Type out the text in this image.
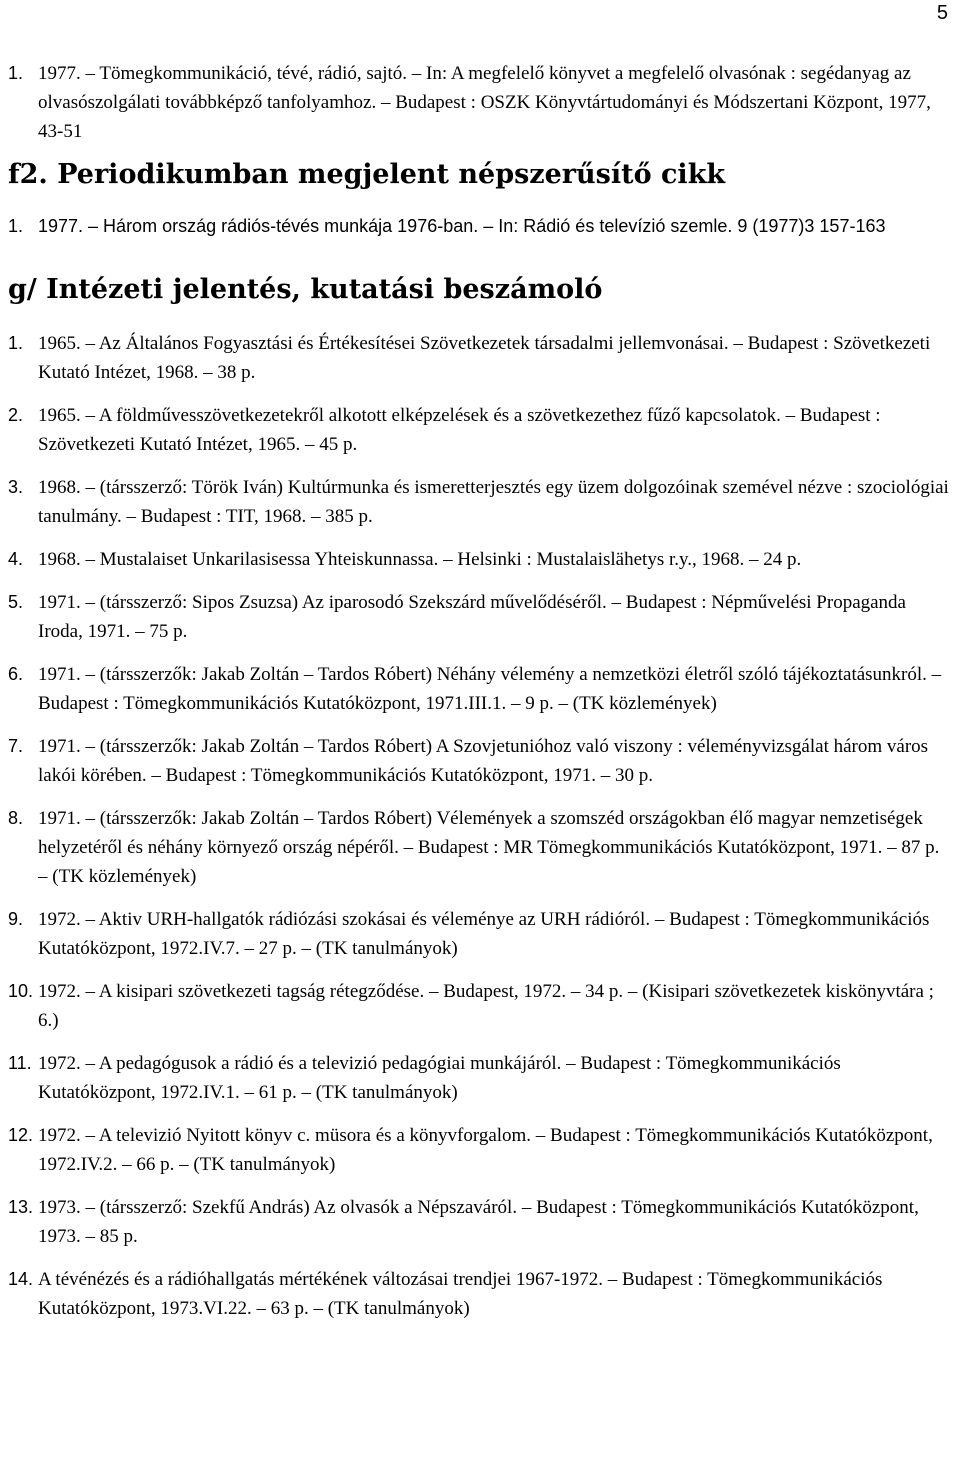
5
1. 1977. – Tömegkommunikáció, tévé, rádió, sajtó. – In: A megfelelő könyvet a megfelelő olvasónak : segédanyag az olvasószolgálati továbbképző tanfolyamhoz. – Budapest : OSZK Könyvtártudományi és Módszertani Központ, 1977, 43-51
f2. Periodikumban megjelent népszerűsítő cikk
1. 1977. – Három ország rádiós-tévés munkája 1976-ban. – In: Rádió és televízió szemle. 9 (1977)3 157-163
g/ Intézeti jelentés, kutatási beszámoló
1. 1965. – Az Általános Fogyasztási és Értékesítései Szövetkezetek társadalmi jellemvonásai. – Budapest : Szövetkezeti Kutató Intézet, 1968. – 38 p.
2. 1965. – A földművesszövetkezetekről alkotott elképzelések és a szövetkezethez fűző kapcsolatok. – Budapest : Szövetkezeti Kutató Intézet, 1965. – 45 p.
3. 1968. – (társszerző: Török Iván) Kultúrmunka és ismeretterjesztés egy üzem dolgozóinak szemével nézve : szociológiai tanulmány. – Budapest : TIT, 1968. – 385 p.
4. 1968. – Mustalaiset Unkarilasisessa Yhteiskunnassa. – Helsinki : Mustalaislähetys r.y., 1968. – 24 p.
5. 1971. – (társszerző: Sipos Zsuzsa) Az iparosodó Szekszárd művelődéséről. – Budapest : Népművelési Propaganda Iroda, 1971. – 75 p.
6. 1971. – (társszerzők: Jakab Zoltán – Tardos Róbert) Néhány vélemény a nemzetközi életről szóló tájékoztatásunkról. – Budapest : Tömegkommunikációs Kutatóközpont, 1971.III.1. – 9 p. – (TK közlemények)
7. 1971. – (társszerzők: Jakab Zoltán – Tardos Róbert) A Szovjetunióhoz való viszony : véleményvizsgálat három város lakói körében. – Budapest : Tömegkommunikációs Kutatóközpont, 1971. – 30 p.
8. 1971. – (társszerzők: Jakab Zoltán – Tardos Róbert) Vélemények a szomszéd országokban élő magyar nemzetiségek helyzetéről és néhány környező ország népéről. – Budapest : MR Tömegkommunikációs Kutatóközpont, 1971. – 87 p. – (TK közlemények)
9. 1972. – Aktiv URH-hallgatók rádiózási szokásai és véleménye az URH rádióról. – Budapest : Tömegkommunikációs Kutatóközpont, 1972.IV.7. – 27 p. – (TK tanulmányok)
10. 1972. – A kisipari szövetkezeti tagság rétegződése. – Budapest, 1972. – 34 p. – (Kisipari szövetkezetek kiskönyvtára ; 6.)
11. 1972. – A pedagógusok a rádió és a televizió pedagógiai munkájáról. – Budapest : Tömegkommunikációs Kutatóközpont, 1972.IV.1. – 61 p. – (TK tanulmányok)
12. 1972. – A televizió Nyitott könyv c. müsora és a könyvforgalom. – Budapest : Tömegkommunikációs Kutatóközpont, 1972.IV.2. – 66 p. – (TK tanulmányok)
13. 1973. – (társszerző: Szekfű András) Az olvasók a Népszaváról. – Budapest : Tömegkommunikációs Kutatóközpont, 1973. – 85 p.
14. A tévénézés és a rádióhallgatás mértékének változásai trendjei 1967-1972. – Budapest : Tömegkommunikációs Kutatóközpont, 1973.VI.22. – 63 p. – (TK tanulmányok)
